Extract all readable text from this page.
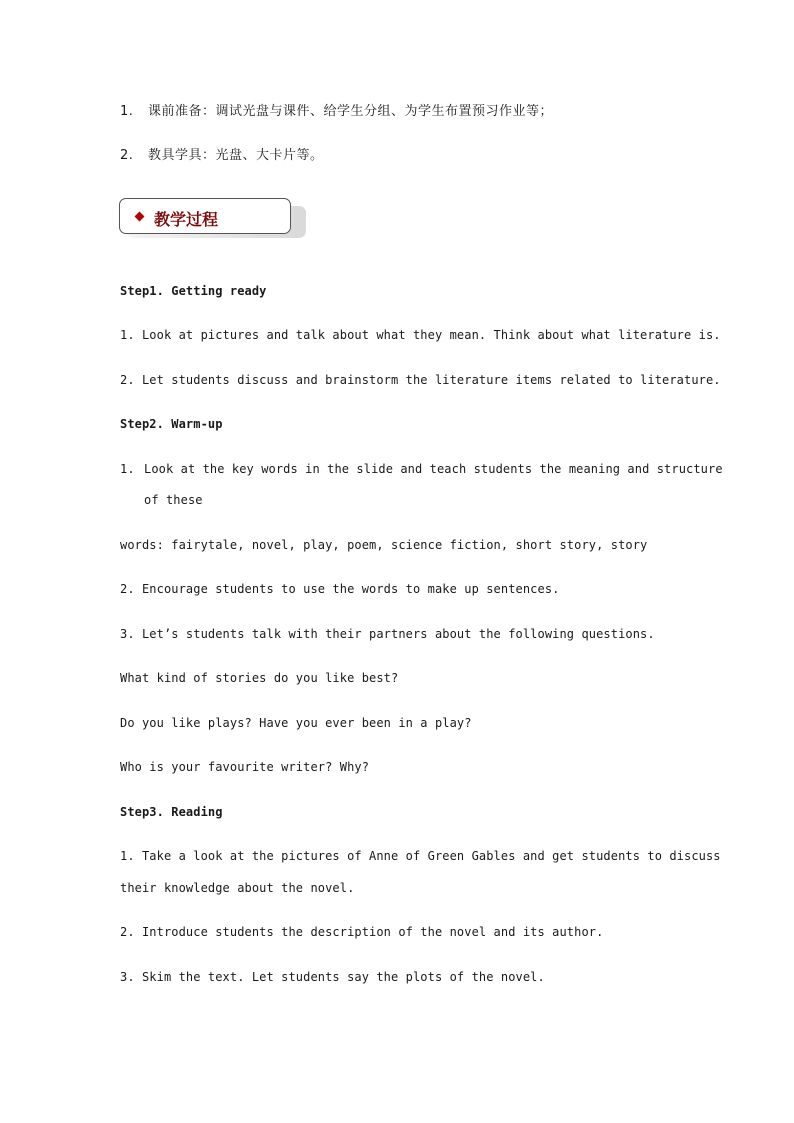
1. 课前准备：调试光盘与课件、给学生分组、为学生布置预习作业等；
2. 教具学具：光盘、大卡片等。
教学过程
Step1. Getting ready
1. Look at pictures and talk about what they mean. Think about what literature is.
2. Let students discuss and brainstorm the literature items related to literature.
Step2. Warm-up
1. Look at the key words in the slide and teach students the meaning and structure
of these
words: fairytale, novel, play, poem, science fiction, short story, story
2. Encourage students to use the words to make up sentences.
3. Let’s students talk with their partners about the following questions.
What kind of stories do you like best?
Do you like plays? Have you ever been in a play?
Who is your favourite writer? Why?
Step3. Reading
1. Take a look at the pictures of Anne of Green Gables and get students to discuss
their knowledge about the novel.
2. Introduce students the description of the novel and its author.
3. Skim the text. Let students say the plots of the novel.
